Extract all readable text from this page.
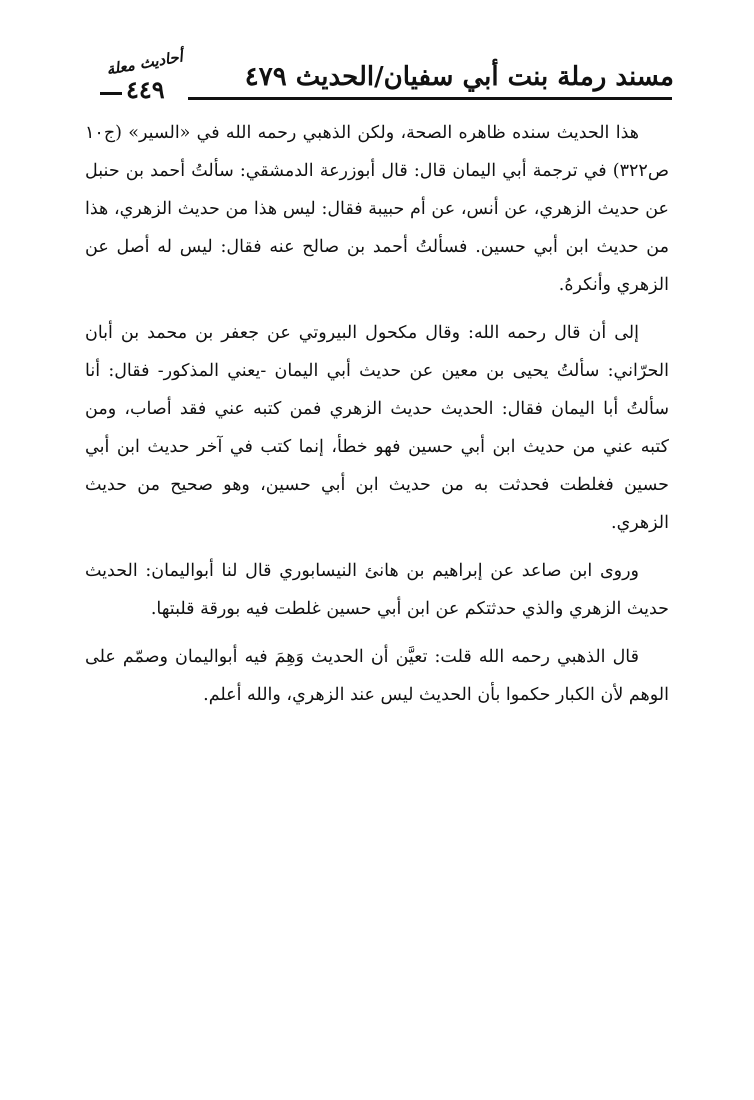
مسند رملة بنت أبي سفيان/الحديث ٤٧٩
أحاديث معلة
٤٤٩

هذا الحديث سنده ظاهره الصحة، ولكن الذهبي رحمه الله في «السير» (ج١٠ ص٣٢٢) في ترجمة أبي اليمان قال: قال أبوزرعة الدمشقي: سألتُ أحمد بن حنبل عن حديث الزهري، عن أنس، عن أم حبيبة فقال: ليس هذا من حديث الزهري، هذا من حديث ابن أبي حسين. فسألتُ أحمد بن صالح عنه فقال: ليس له أصل عن الزهري وأنكرهُ.

إلى أن قال رحمه الله: وقال مكحول البيروتي عن جعفر بن محمد بن أبان الحرّاني: سألتُ يحيى بن معين عن حديث أبي اليمان -يعني المذكور- فقال: أنا سألتُ أبا اليمان فقال: الحديث حديث الزهري فمن كتبه عني فقد أصاب، ومن كتبه عني من حديث ابن أبي حسين فهو خطأ، إنما كتب في آخر حديث ابن أبي حسين فغلطت فحدثت به من حديث ابن أبي حسين، وهو صحيح من حديث الزهري.

وروى ابن صاعد عن إبراهيم بن هانئ النيسابوري قال لنا أبواليمان: الحديث حديث الزهري والذي حدثتكم عن ابن أبي حسين غلطت فيه بورقة قلبتها.

قال الذهبي رحمه الله قلت: تعيَّن أن الحديث وَهِمَ فيه أبواليمان وصمّم على الوهم لأن الكبار حكموا بأن الحديث ليس عند الزهري، والله أعلم.
